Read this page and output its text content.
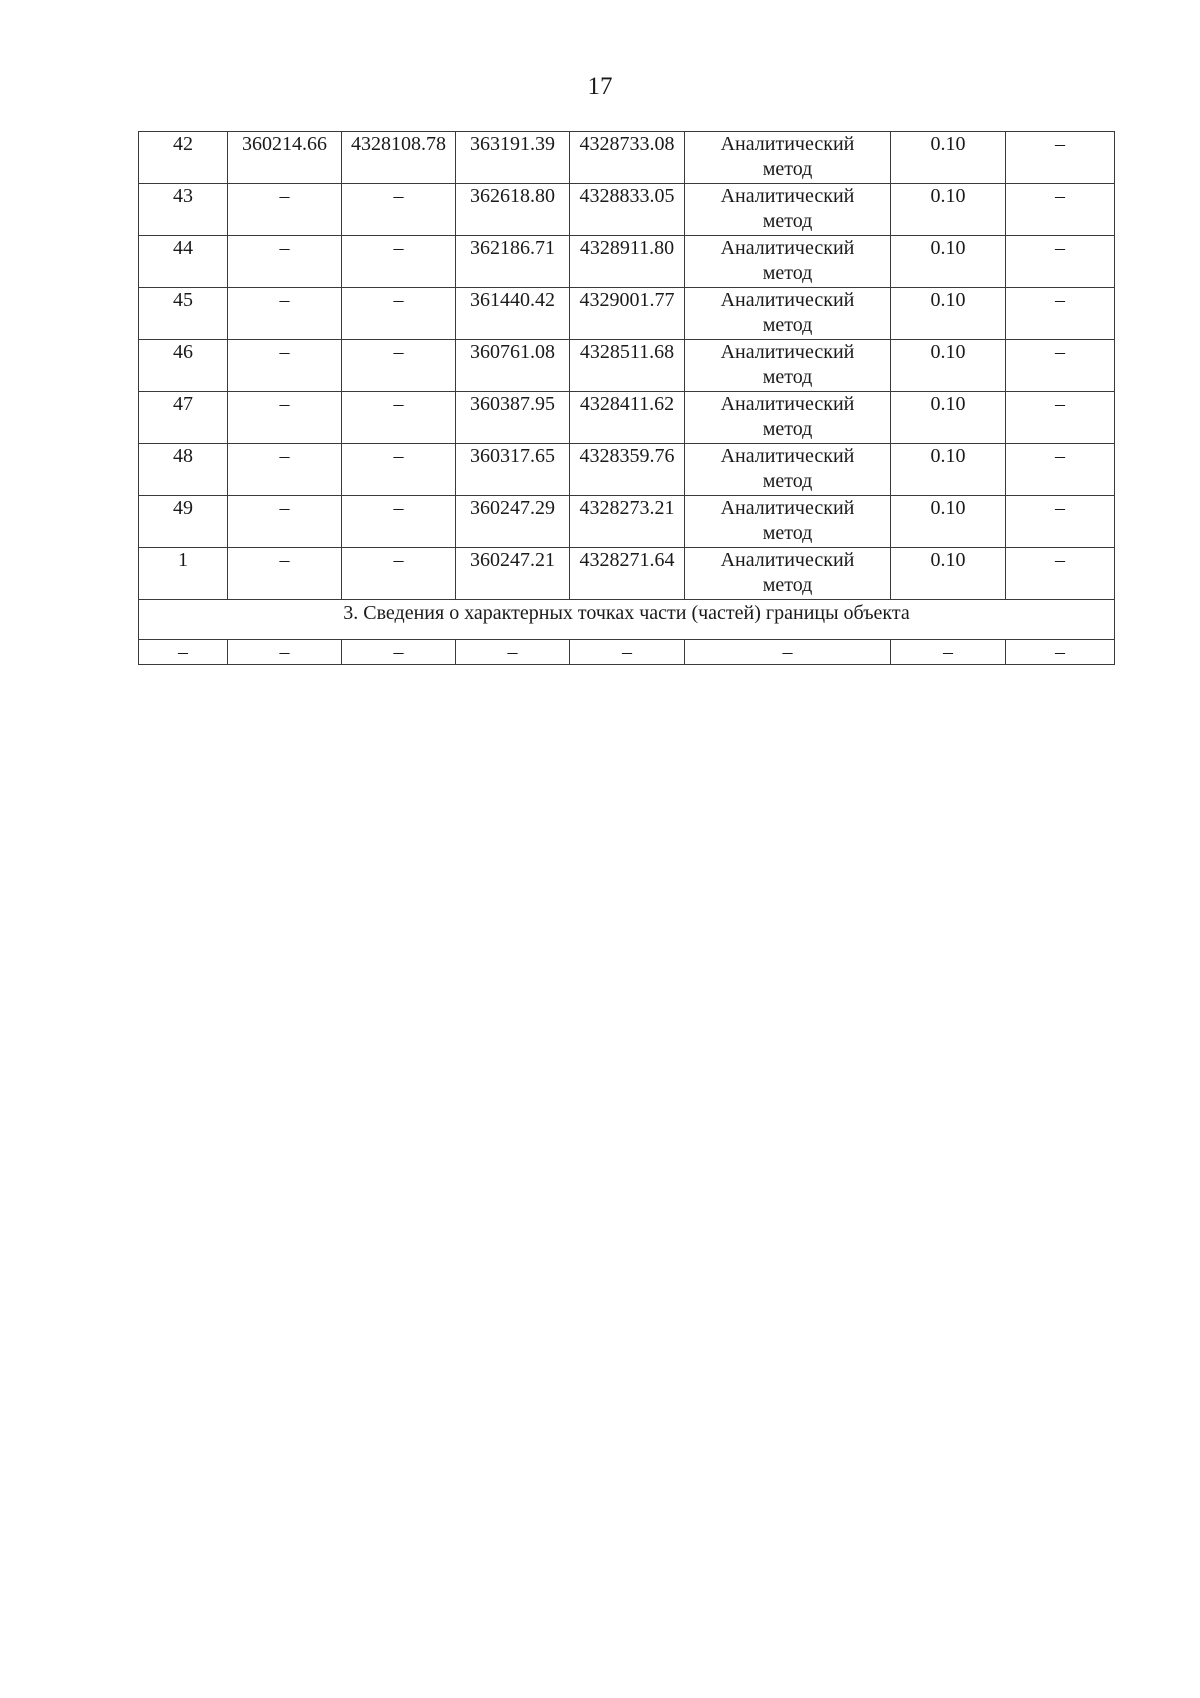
17
42	360214.66	4328108.78	363191.39	4328733.08	Аналитический метод	0.10	–
43	–	–	362618.80	4328833.05	Аналитический метод	0.10	–
44	–	–	362186.71	4328911.80	Аналитический метод	0.10	–
45	–	–	361440.42	4329001.77	Аналитический метод	0.10	–
46	–	–	360761.08	4328511.68	Аналитический метод	0.10	–
47	–	–	360387.95	4328411.62	Аналитический метод	0.10	–
48	–	–	360317.65	4328359.76	Аналитический метод	0.10	–
49	–	–	360247.29	4328273.21	Аналитический метод	0.10	–
1	–	–	360247.21	4328271.64	Аналитический метод	0.10	–
3. Сведения о характерных точках части (частей) границы объекта							
–	–	–	–	–	–	–	–
